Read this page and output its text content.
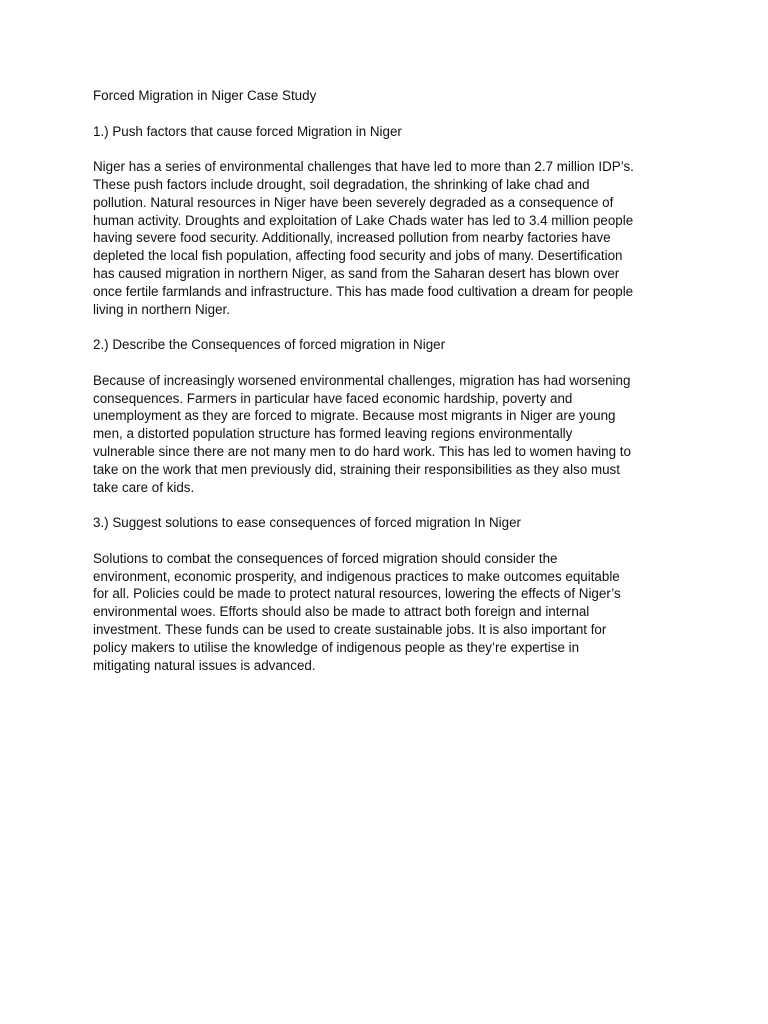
Forced Migration in Niger Case Study

1.) Push factors that cause forced Migration in Niger

Niger has a series of environmental challenges that have led to more than 2.7 million IDP’s.
These push factors include drought, soil degradation, the shrinking of lake chad and
pollution. Natural resources in Niger have been severely degraded as a consequence of
human activity. Droughts and exploitation of Lake Chads water has led to 3.4 million people
having severe food security. Additionally, increased pollution from nearby factories have
depleted the local fish population, affecting food security and jobs of many. Desertification
has caused migration in northern Niger, as sand from the Saharan desert has blown over
once fertile farmlands and infrastructure. This has made food cultivation a dream for people
living in northern Niger.

2.) Describe the Consequences of forced migration in Niger

Because of increasingly worsened environmental challenges, migration has had worsening
consequences. Farmers in particular have faced economic hardship, poverty and
unemployment as they are forced to migrate. Because most migrants in Niger are young
men, a distorted population structure has formed leaving regions environmentally
vulnerable since there are not many men to do hard work. This has led to women having to
take on the work that men previously did, straining their responsibilities as they also must
take care of kids.

3.) Suggest solutions to ease consequences of forced migration In Niger

Solutions to combat the consequences of forced migration should consider the
environment, economic prosperity, and indigenous practices to make outcomes equitable
for all. Policies could be made to protect natural resources, lowering the effects of Niger’s
environmental woes. Efforts should also be made to attract both foreign and internal
investment. These funds can be used to create sustainable jobs. It is also important for
policy makers to utilise the knowledge of indigenous people as they’re expertise in
mitigating natural issues is advanced.
